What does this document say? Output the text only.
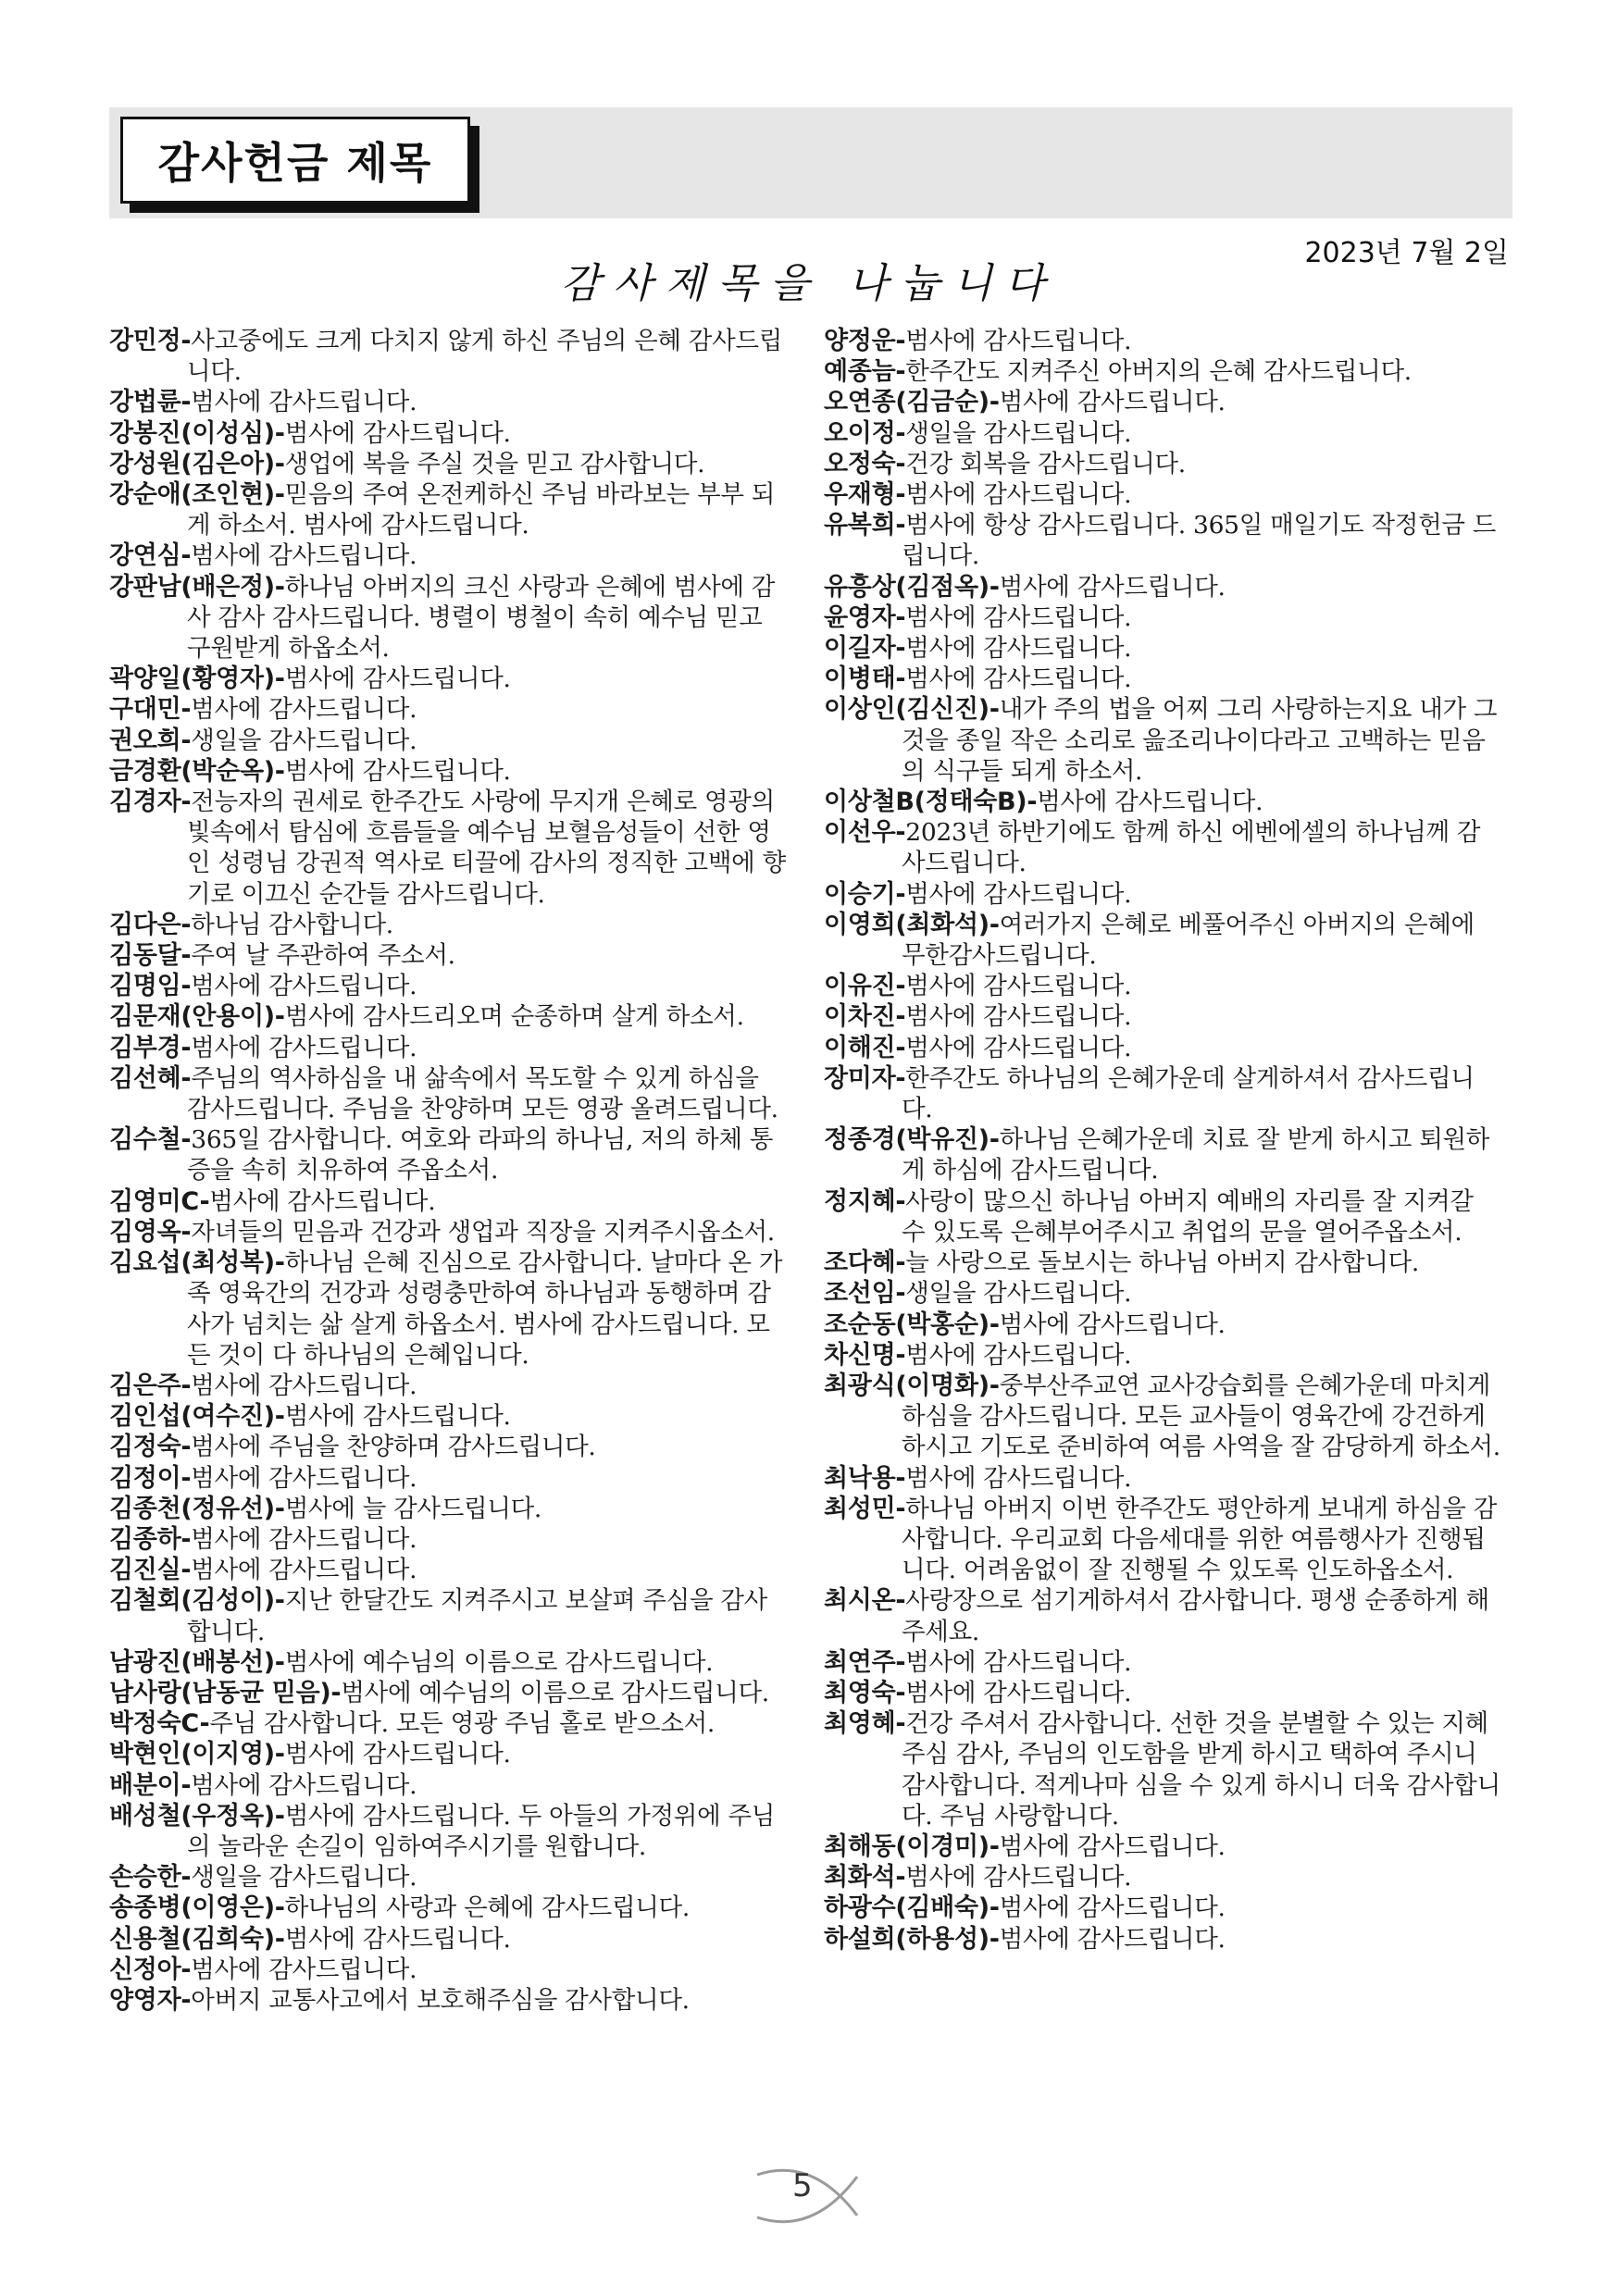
감사헌금 제목
2023년 7월 2일
감사제목을 나눕니다

강민정-사고중에도 크게 다치지 않게 하신 주님의 은혜 감사드립니다.

강법륜-범사에 감사드립니다.

강봉진(이성심)-범사에 감사드립니다.

강성원(김은아)-생업에 복을 주실 것을 믿고 감사합니다.

강순애(조인현)-믿음의 주여 온전케하신 주님 바라보는 부부 되게 하소서. 범사에 감사드립니다.

강연심-범사에 감사드립니다.

강판남(배은정)-하나님 아버지의 크신 사랑과 은혜에 범사에 감사 감사 감사드립니다. 병렬이 병철이 속히 예수님 믿고 구원받게 하옵소서.

곽양일(황영자)-범사에 감사드립니다.

구대민-범사에 감사드립니다.

권오희-생일을 감사드립니다.

금경환(박순옥)-범사에 감사드립니다.

김경자-전능자의 권세로 한주간도 사랑에 무지개 은혜로 영광의 빛속에서 탐심에 흐름들을 예수님 보혈음성들이 선한 영인 성령님 강권적 역사로 티끌에 감사의 정직한 고백에 향기로 이끄신 순간들 감사드립니다.

김다은-하나님 감사합니다.

김동달-주여 날 주관하여 주소서.

김명임-범사에 감사드립니다.

김문재(안용이)-범사에 감사드리오며 순종하며 살게 하소서.

김부경-범사에 감사드립니다.

김선혜-주님의 역사하심을 내 삶속에서 목도할 수 있게 하심을 감사드립니다. 주님을 찬양하며 모든 영광 올려드립니다.

김수철-365일 감사합니다. 여호와 라파의 하나님, 저의 하체 통증을 속히 치유하여 주옵소서.

김영미C-범사에 감사드립니다.

김영옥-자녀들의 믿음과 건강과 생업과 직장을 지켜주시옵소서.

김요섭(최성복)-하나님 은혜 진심으로 감사합니다. 날마다 온 가족 영육간의 건강과 성령충만하여 하나님과 동행하며 감사가 넘치는 삶 살게 하옵소서. 범사에 감사드립니다. 모든 것이 다 하나님의 은혜입니다.

김은주-범사에 감사드립니다.

김인섭(여수진)-범사에 감사드립니다.

김정숙-범사에 주님을 찬양하며 감사드립니다.

김정이-범사에 감사드립니다.

김종천(정유선)-범사에 늘 감사드립니다.

김종하-범사에 감사드립니다.

김진실-범사에 감사드립니다.

김철회(김성이)-지난 한달간도 지켜주시고 보살펴 주심을 감사합니다.

남광진(배봉선)-범사에 예수님의 이름으로 감사드립니다.

남사랑(남동균 믿음)-범사에 예수님의 이름으로 감사드립니다.

박정숙C-주님 감사합니다. 모든 영광 주님 홀로 받으소서.

박현인(이지영)-범사에 감사드립니다.

배분이-범사에 감사드립니다.

배성철(우정옥)-범사에 감사드립니다. 두 아들의 가정위에 주님의 놀라운 손길이 임하여주시기를 원합니다.

손승한-생일을 감사드립니다.

송종병(이영은)-하나님의 사랑과 은혜에 감사드립니다.

신용철(김희숙)-범사에 감사드립니다.

신정아-범사에 감사드립니다.

양영자-아버지 교통사고에서 보호해주심을 감사합니다.

양정운-범사에 감사드립니다.

예종늠-한주간도 지켜주신 아버지의 은혜 감사드립니다.

오연종(김금순)-범사에 감사드립니다.

오이정-생일을 감사드립니다.

오정숙-건강 회복을 감사드립니다.

우재형-범사에 감사드립니다.

유복희-범사에 항상 감사드립니다. 365일 매일기도 작정헌금 드립니다.

유흥상(김점옥)-범사에 감사드립니다.

윤영자-범사에 감사드립니다.

이길자-범사에 감사드립니다.

이병태-범사에 감사드립니다.

이상인(김신진)-내가 주의 법을 어찌 그리 사랑하는지요 내가 그것을 종일 작은 소리로 읊조리나이다라고 고백하는 믿음의 식구들 되게 하소서.

이상철B(정태숙B)-범사에 감사드립니다.

이선우-2023년 하반기에도 함께 하신 에벤에셀의 하나님께 감사드립니다.

이승기-범사에 감사드립니다.

이영희(최화석)-여러가지 은혜로 베풀어주신 아버지의 은혜에 무한감사드립니다.

이유진-범사에 감사드립니다.

이차진-범사에 감사드립니다.

이해진-범사에 감사드립니다.

장미자-한주간도 하나님의 은혜가운데 살게하셔서 감사드립니다.

정종경(박유진)-하나님 은혜가운데 치료 잘 받게 하시고 퇴원하게 하심에 감사드립니다.

정지혜-사랑이 많으신 하나님 아버지 예배의 자리를 잘 지켜갈 수 있도록 은혜부어주시고 취업의 문을 열어주옵소서.

조다혜-늘 사랑으로 돌보시는 하나님 아버지 감사합니다.

조선임-생일을 감사드립니다.

조순동(박홍순)-범사에 감사드립니다.

차신명-범사에 감사드립니다.

최광식(이명화)-중부산주교연 교사강습회를 은혜가운데 마치게 하심을 감사드립니다. 모든 교사들이 영육간에 강건하게하시고 기도로 준비하여 여름 사역을 잘 감당하게 하소서.

최낙용-범사에 감사드립니다.

최성민-하나님 아버지 이번 한주간도 평안하게 보내게 하심을 감사합니다. 우리교회 다음세대를 위한 여름행사가 진행됩니다. 어려움없이 잘 진행될 수 있도록 인도하옵소서.

최시온-사랑장으로 섬기게하셔서 감사합니다. 평생 순종하게 해주세요.

최연주-범사에 감사드립니다.

최영숙-범사에 감사드립니다.

최영혜-건강 주셔서 감사합니다. 선한 것을 분별할 수 있는 지혜주심 감사, 주님의 인도함을 받게 하시고 택하여 주시니 감사합니다. 적게나마 심을 수 있게 하시니 더욱 감사합니다. 주님 사랑합니다.

최해동(이경미)-범사에 감사드립니다.

최화석-범사에 감사드립니다.

하광수(김배숙)-범사에 감사드립니다.

하설희(하용성)-범사에 감사드립니다.

5
